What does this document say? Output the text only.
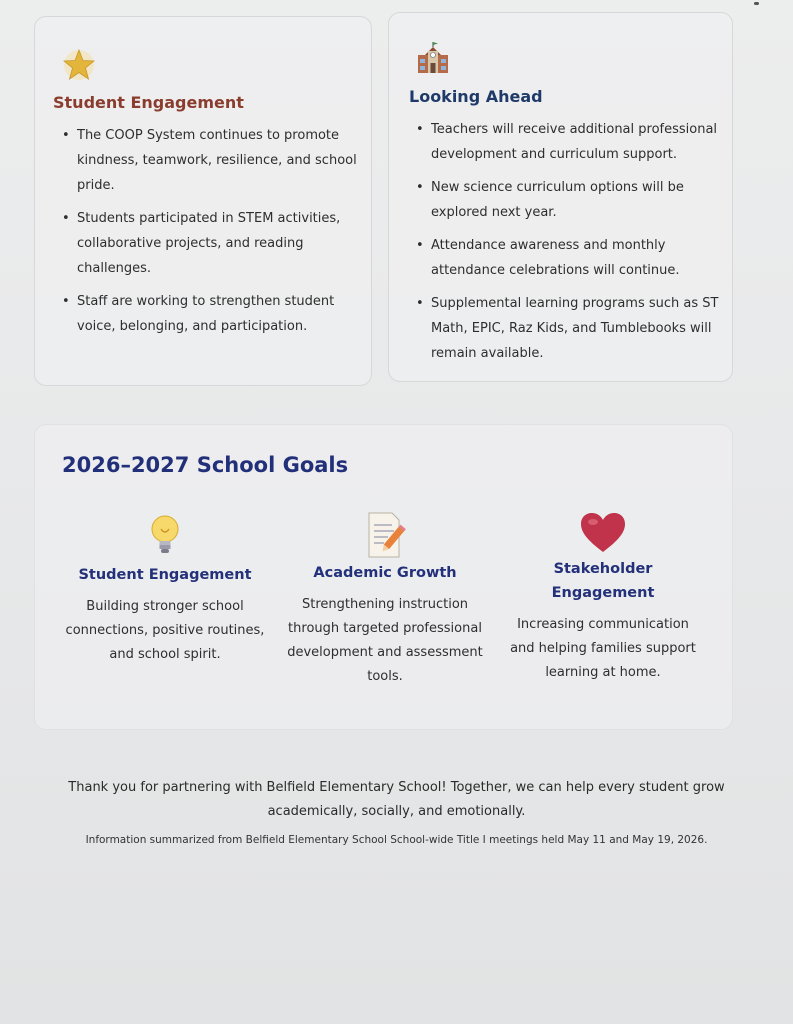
Student Engagement
• The COOP System continues to promote kindness, teamwork, resilience, and school pride.
• Students participated in STEM activities, collaborative projects, and reading challenges.
• Staff are working to strengthen student voice, belonging, and participation.
Looking Ahead
• Teachers will receive additional professional development and curriculum support.
• New science curriculum options will be explored next year.
• Attendance awareness and monthly attendance celebrations will continue.
• Supplemental learning programs such as ST Math, EPIC, Raz Kids, and Tumblebooks will remain available.
2026–2027 School Goals
Student Engagement

Building stronger school connections, positive routines, and school spirit.

Academic Growth

Strengthening instruction through targeted professional development and assessment tools.

Stakeholder Engagement

Increasing communication and helping families support learning at home.

Thank you for partnering with Belfield Elementary School! Together, we can help every student grow academically, socially, and emotionally.

Information summarized from Belfield Elementary School School-wide Title I meetings held May 11 and May 19, 2026.
